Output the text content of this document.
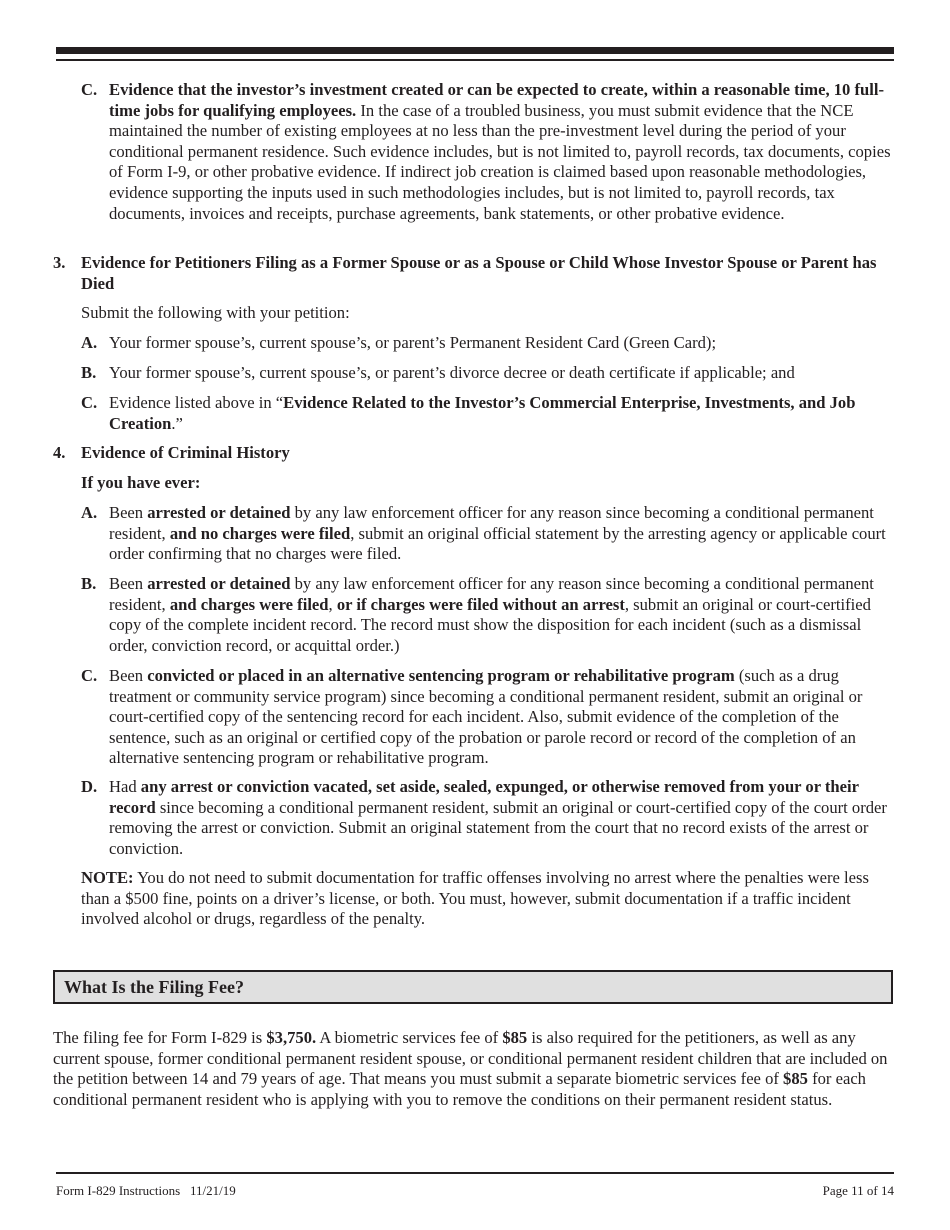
C. Evidence that the investor’s investment created or can be expected to create, within a reasonable time, 10 full-time jobs for qualifying employees. In the case of a troubled business, you must submit evidence that the NCE maintained the number of existing employees at no less than the pre-investment level during the period of your conditional permanent residence. Such evidence includes, but is not limited to, payroll records, tax documents, copies of Form I-9, or other probative evidence. If indirect job creation is claimed based upon reasonable methodologies, evidence supporting the inputs used in such methodologies includes, but is not limited to, payroll records, tax documents, invoices and receipts, purchase agreements, bank statements, or other probative evidence.
3. Evidence for Petitioners Filing as a Former Spouse or as a Spouse or Child Whose Investor Spouse or Parent has Died

Submit the following with your petition:

A. Your former spouse’s, current spouse’s, or parent’s Permanent Resident Card (Green Card);
B. Your former spouse’s, current spouse’s, or parent’s divorce decree or death certificate if applicable; and
C. Evidence listed above in “Evidence Related to the Investor’s Commercial Enterprise, Investments, and Job Creation.”
4. Evidence of Criminal History

If you have ever:

A. Been arrested or detained by any law enforcement officer for any reason since becoming a conditional permanent resident, and no charges were filed, submit an original official statement by the arresting agency or applicable court order confirming that no charges were filed.
B. Been arrested or detained by any law enforcement officer for any reason since becoming a conditional permanent resident, and charges were filed, or if charges were filed without an arrest, submit an original or court-certified copy of the complete incident record. The record must show the disposition for each incident (such as a dismissal order, conviction record, or acquittal order.)
C. Been convicted or placed in an alternative sentencing program or rehabilitative program (such as a drug treatment or community service program) since becoming a conditional permanent resident, submit an original or court-certified copy of the sentencing record for each incident. Also, submit evidence of the completion of the sentence, such as an original or certified copy of the probation or parole record or record of the completion of an alternative sentencing program or rehabilitative program.
D. Had any arrest or conviction vacated, set aside, sealed, expunged, or otherwise removed from your or their record since becoming a conditional permanent resident, submit an original or court-certified copy of the court order removing the arrest or conviction. Submit an original statement from the court that no record exists of the arrest or conviction.

NOTE: You do not need to submit documentation for traffic offenses involving no arrest where the penalties were less than a $500 fine, points on a driver’s license, or both. You must, however, submit documentation if a traffic incident involved alcohol or drugs, regardless of the penalty.

What Is the Filing Fee?

The filing fee for Form I-829 is $3,750. A biometric services fee of $85 is also required for the petitioners, as well as any current spouse, former conditional permanent resident spouse, or conditional permanent resident children that are included on the petition between 14 and 79 years of age. That means you must submit a separate biometric services fee of $85 for each conditional permanent resident who is applying with you to remove the conditions on their permanent resident status.

Form I-829 Instructions   11/21/19	Page 11 of 14
